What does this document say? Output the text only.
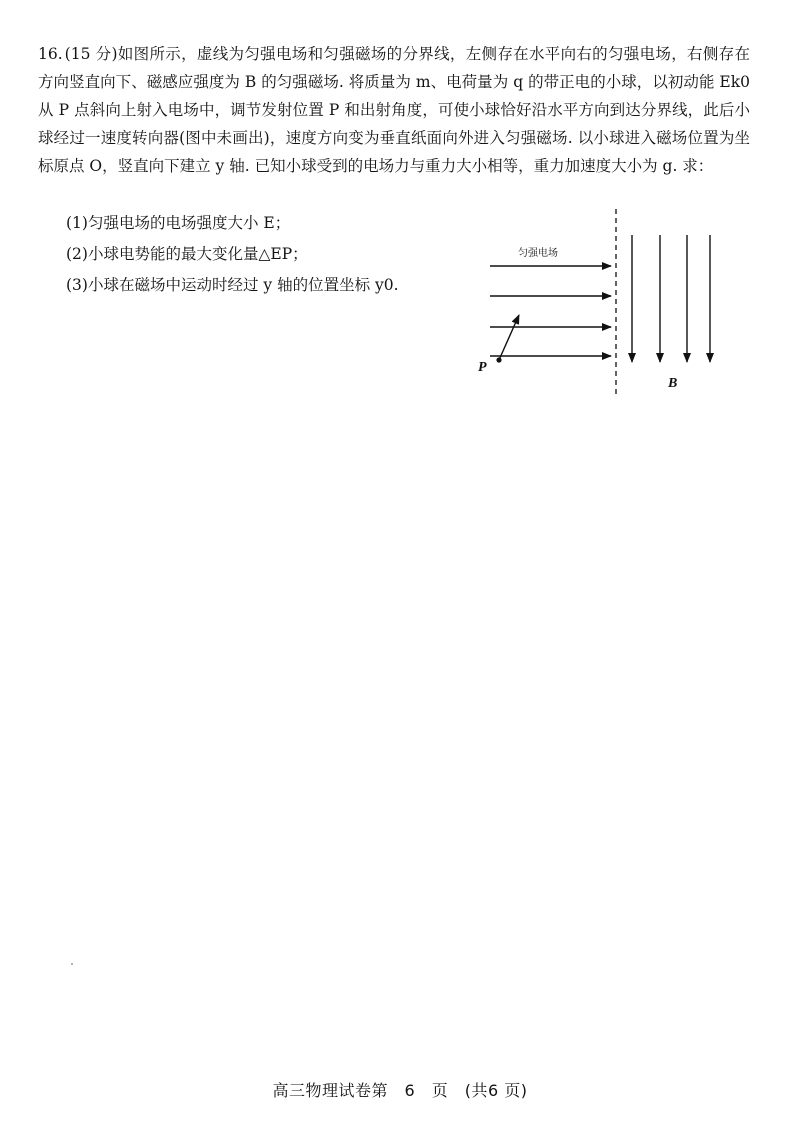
16. (15 分)如图所示，虚线为匀强电场和匀强磁场的分界线，左侧存在水平向右的匀强电场，右侧存在方向竖直向下、磁感应强度为 B 的匀强磁场. 将质量为 m、电荷量为 q 的带正电的小球，以初动能 Ek0 从 P 点斜向上射入电场中，调节发射位置 P 和出射角度，可使小球恰好沿水平方向到达分界线，此后小球经过一速度转向器(图中未画出)，速度方向变为垂直纸面向外进入匀强磁场. 以小球进入磁场位置为坐标原点 O，竖直向下建立 y 轴. 已知小球受到的电场力与重力大小相等，重力加速度大小为 g. 求：
(1)匀强电场的电场强度大小 E；
(2)小球电势能的最大变化量△EP；
(3)小球在磁场中运动时经过 y 轴的位置坐标 y0.
匀强电场
P
B
高三物理试卷第　6　页　(共6 页)
